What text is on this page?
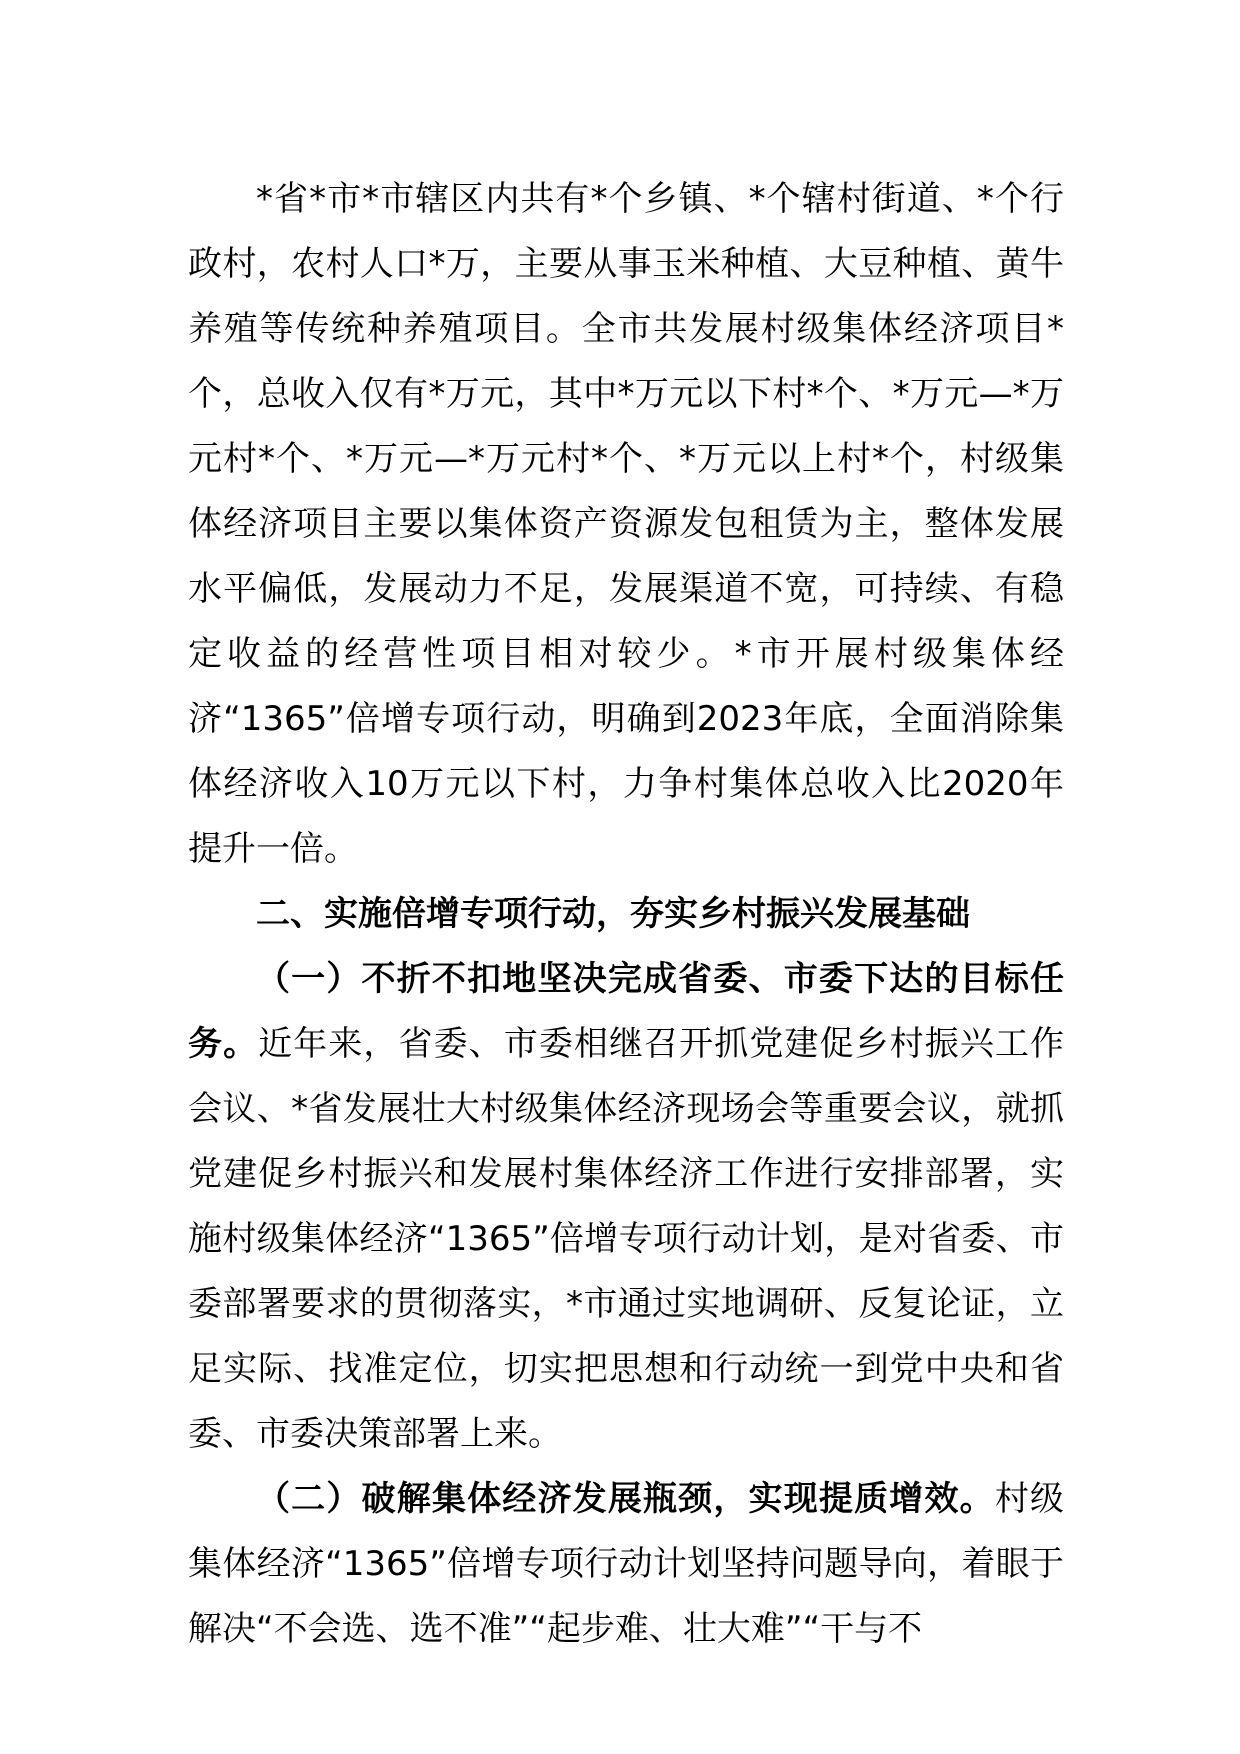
*省*市*市辖区内共有*个乡镇、*个辖村街道、*个行政村，农村人口*万，主要从事玉米种植、大豆种植、黄牛养殖等传统种养殖项目。全市共发展村级集体经济项目*个，总收入仅有*万元，其中*万元以下村*个、*万元—*万元村*个、*万元—*万元村*个、*万元以上村*个，村级集体经济项目主要以集体资产资源发包租赁为主，整体发展水平偏低，发展动力不足，发展渠道不宽，可持续、有稳定收益的经营性项目相对较少。*市开展村级集体经济“1365”倍增专项行动，明确到2023年底，全面消除集体经济收入10万元以下村，力争村集体总收入比2020年提升一倍。

二、实施倍增专项行动，夯实乡村振兴发展基础

（一）不折不扣地坚决完成省委、市委下达的目标任务。近年来，省委、市委相继召开抓党建促乡村振兴工作会议、*省发展壮大村级集体经济现场会等重要会议，就抓党建促乡村振兴和发展村集体经济工作进行安排部署，实施村级集体经济“1365”倍增专项行动计划，是对省委、市委部署要求的贯彻落实，*市通过实地调研、反复论证，立足实际、找准定位，切实把思想和行动统一到党中央和省委、市委决策部署上来。

（二）破解集体经济发展瓶颈，实现提质增效。村级集体经济“1365”倍增专项行动计划坚持问题导向，着眼于解决“不会选、选不准”“起步难、壮大难”“干与不
